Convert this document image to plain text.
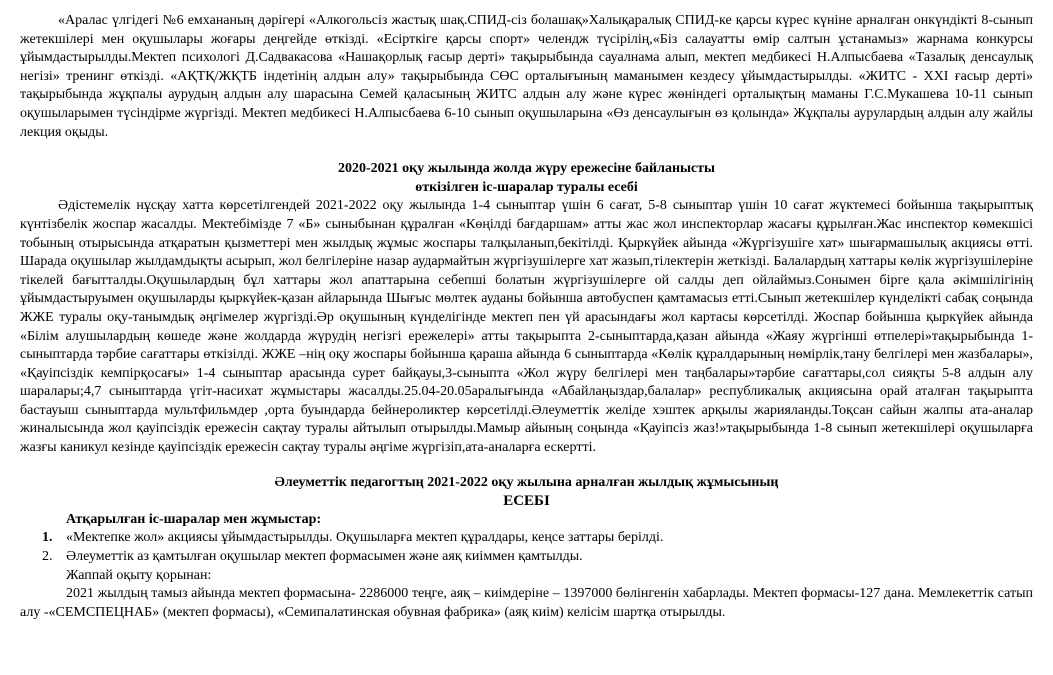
«Аралас үлгідегі №6 емхананың дәрігері «Алкогольсіз жастық шақ.СПИД-сіз болашақ»Халықаралық СПИД-ке қарсы күрес күніне арналған онкүндікті 8-сынып жетекшілері мен оқушылары жоғары деңгейде өткізді. «Есірткіге қарсы спорт» челендж түсірілің,«Біз салауатты өмір салтын ұстанамыз» жарнама конкурсы ұйымдастырылды.Мектеп психологі Д.Садвакасова «Нашақорлық ғасыр дерті» тақырыбында сауалнама алып, мектеп медбикесі Н.Алпысбаева «Тазалық денсаулық негізі» тренинг өткізді. «АҚТҚ/ЖҚТБ індетінің алдын алу» тақырыбында СӨС орталығының маманымен кездесу ұйымдастырылды. «ЖИТС - XXI ғасыр дерті» тақырыбында жұқпалы аурудың алдын алу шарасына Семей қаласының ЖИТС алдын алу және күрес жөніндегі орталықтың маманы Г.С.Мукашева 10-11 сынып оқушыларымен түсіндірме жүргізді. Мектеп медбикесі Н.Алпысбаева 6-10 сынып оқушыларына «Өз денсаулығын өз қолында» Жұқпалы аурулардың алдын алу жайлы лекция оқыды.

2020-2021 оқу жылында жолда жүру ережесіне байланысты

өткізілген іс-шаралар туралы есебі

Әдістемелік нұсқау хатта көрсетілгендей 2021-2022 оқу жылында 1-4 сыныптар үшін 6 сағат, 5-8 сыныптар үшін 10 сағат жүктемесі бойынша тақырыптық күнтізбелік жоспар жасалды. Мектебімізде 7 «Б» сыныбынан құралған «Көңілді бағдаршам» атты жас жол инспекторлар жасағы құрылған.Жас инспектор көмекшісі тобының отырысында атқаратын қызметтері мен жылдық жұмыс жоспары талқыланып,бекітілді. Қыркүйек айында «Жүргізушіге хат» шығармашылық акциясы өтті. Шарада оқушылар жылдамдықты асырып, жол белгілеріне назар аудармайтын жүргізушілерге хат жазып,тілектерін жеткізді. Балалардың хаттары көлік жүргізушілеріне тікелей бағытталды.Оқушылардың бұл хаттары жол апаттарына себепші болатын жүргізушілерге ой салды деп ойлаймыз.Сонымен бірге қала әкімшілігінің ұйымдастыруымен оқушыларды қыркүйек-қазан айларында Шығыс мөлтек ауданы бойынша автобуспен қамтамасыз етті.Сынып жетекшілер күнделікті сабақ соңында ЖЖЕ туралы оқу-танымдық әңгімелер жүргізді.Әр оқушының күнделігінде мектеп пен үй арасындағы жол картасы көрсетілді. Жоспар бойынша қыркүйек айында «Білім алушылардың көшеде және жолдарда жүрудің негізгі ережелері» атты тақырыпта 2-сыныптарда,қазан айында «Жаяу жүргінші өтпелері»тақырыбында 1-сыныптарда тәрбие сағаттары өткізілді. ЖЖЕ –нің оқу жоспары бойынша қараша айында 6 сыныптарда «Көлік құралдарының нөмірлік,тану белгілері мен жазбалары», «Қауіпсіздік кемпірқосағы» 1-4 сыныптар арасында сурет байқауы,3-сыныпта «Жол жүру белгілері мен таңбалары»тәрбие сағаттары,сол сияқты 5-8 алдын алу шаралары;4,7 сыныптарда үгіт-насихат жұмыстары жасалды.25.04-20.05аралығында «Абайлаңыздар,балалар» республикалық акциясына орай аталған тақырыпта бастауыш сыныптарда мультфильмдер ,орта буындарда бейнероликтер көрсетілді.Әлеуметтік желіде хэштек арқылы жарияланды.Тоқсан сайын жалпы ата-аналар жиналысында жол қауіпсіздік ережесін сақтау туралы айтылып отырылды.Мамыр айының соңында «Қауіпсіз жаз!»тақырыбында 1-8 сынып жетекшілері оқушыларға жазғы каникул кезінде қауіпсіздік ережесін сақтау туралы әңгіме жүргізіп,ата-аналарға ескертті.

Әлеуметтік педагогтың 2021-2022 оқу жылына арналған жылдық жұмысының

ЕСЕБІ

Атқарылған іс-шаралар мен жұмыстар:

1. «Мектепке жол» акциясы ұйымдастырылды. Оқушыларға мектеп құралдары, кеңсе заттары берілді.
2. Әлеуметтік аз қамтылған оқушылар мектеп формасымен және аяқ киіммен қамтылды.

Жаппай оқыту қорынан:

2021 жылдың тамыз айында мектеп формасына- 2286000 теңге, аяқ – киімдеріне – 1397000 бөлінгенін хабарлады. Мектеп формасы-127 дана. Мемлекеттік сатып алу -«СЕМСПЕЦНАБ» (мектеп формасы), «Семипалатинская обувная фабрика» (аяқ киім) келісім шартқа отырылды.
